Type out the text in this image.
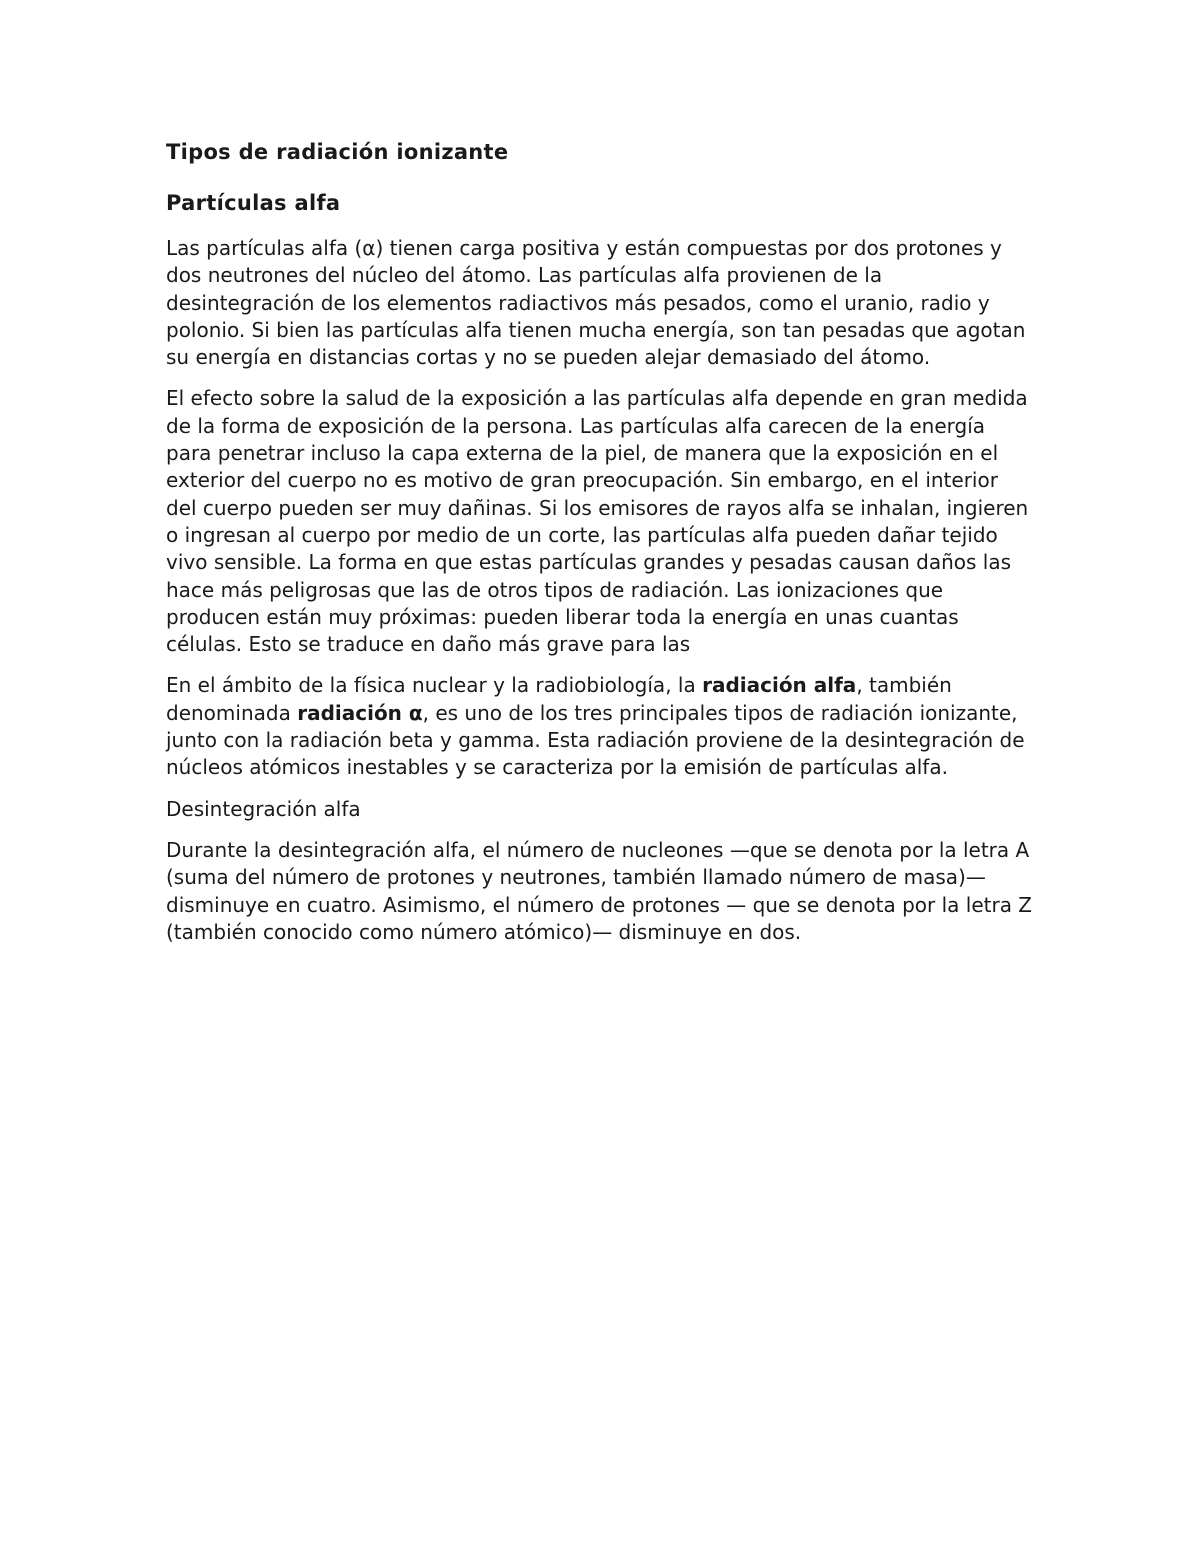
Tipos de radiación ionizante
Partículas alfa

Las partículas alfa (α) tienen carga positiva y están compuestas por dos protones y dos neutrones del núcleo del átomo. Las partículas alfa provienen de la desintegración de los elementos radiactivos más pesados, como el uranio, radio y polonio. Si bien las partículas alfa tienen mucha energía, son tan pesadas que agotan su energía en distancias cortas y no se pueden alejar demasiado del átomo.

El efecto sobre la salud de la exposición a las partículas alfa depende en gran medida de la forma de exposición de la persona. Las partículas alfa carecen de la energía para penetrar incluso la capa externa de la piel, de manera que la exposición en el exterior del cuerpo no es motivo de gran preocupación. Sin embargo, en el interior del cuerpo pueden ser muy dañinas. Si los emisores de rayos alfa se inhalan, ingieren o ingresan al cuerpo por medio de un corte, las partículas alfa pueden dañar tejido vivo sensible. La forma en que estas partículas grandes y pesadas causan daños las hace más peligrosas que las de otros tipos de radiación. Las ionizaciones que producen están muy próximas: pueden liberar toda la energía en unas cuantas células. Esto se traduce en daño más grave para las

En el ámbito de la física nuclear y la radiobiología, la radiación alfa, también denominada radiación α, es uno de los tres principales tipos de radiación ionizante, junto con la radiación beta y gamma. Esta radiación proviene de la desintegración de núcleos atómicos inestables y se caracteriza por la emisión de partículas alfa.

Desintegración alfa

Durante la desintegración alfa, el número de nucleones —que se denota por la letra A (suma del número de protones y neutrones, también llamado número de masa)— disminuye en cuatro. Asimismo, el número de protones — que se denota por la letra Z (también conocido como número atómico)— disminuye en dos.
